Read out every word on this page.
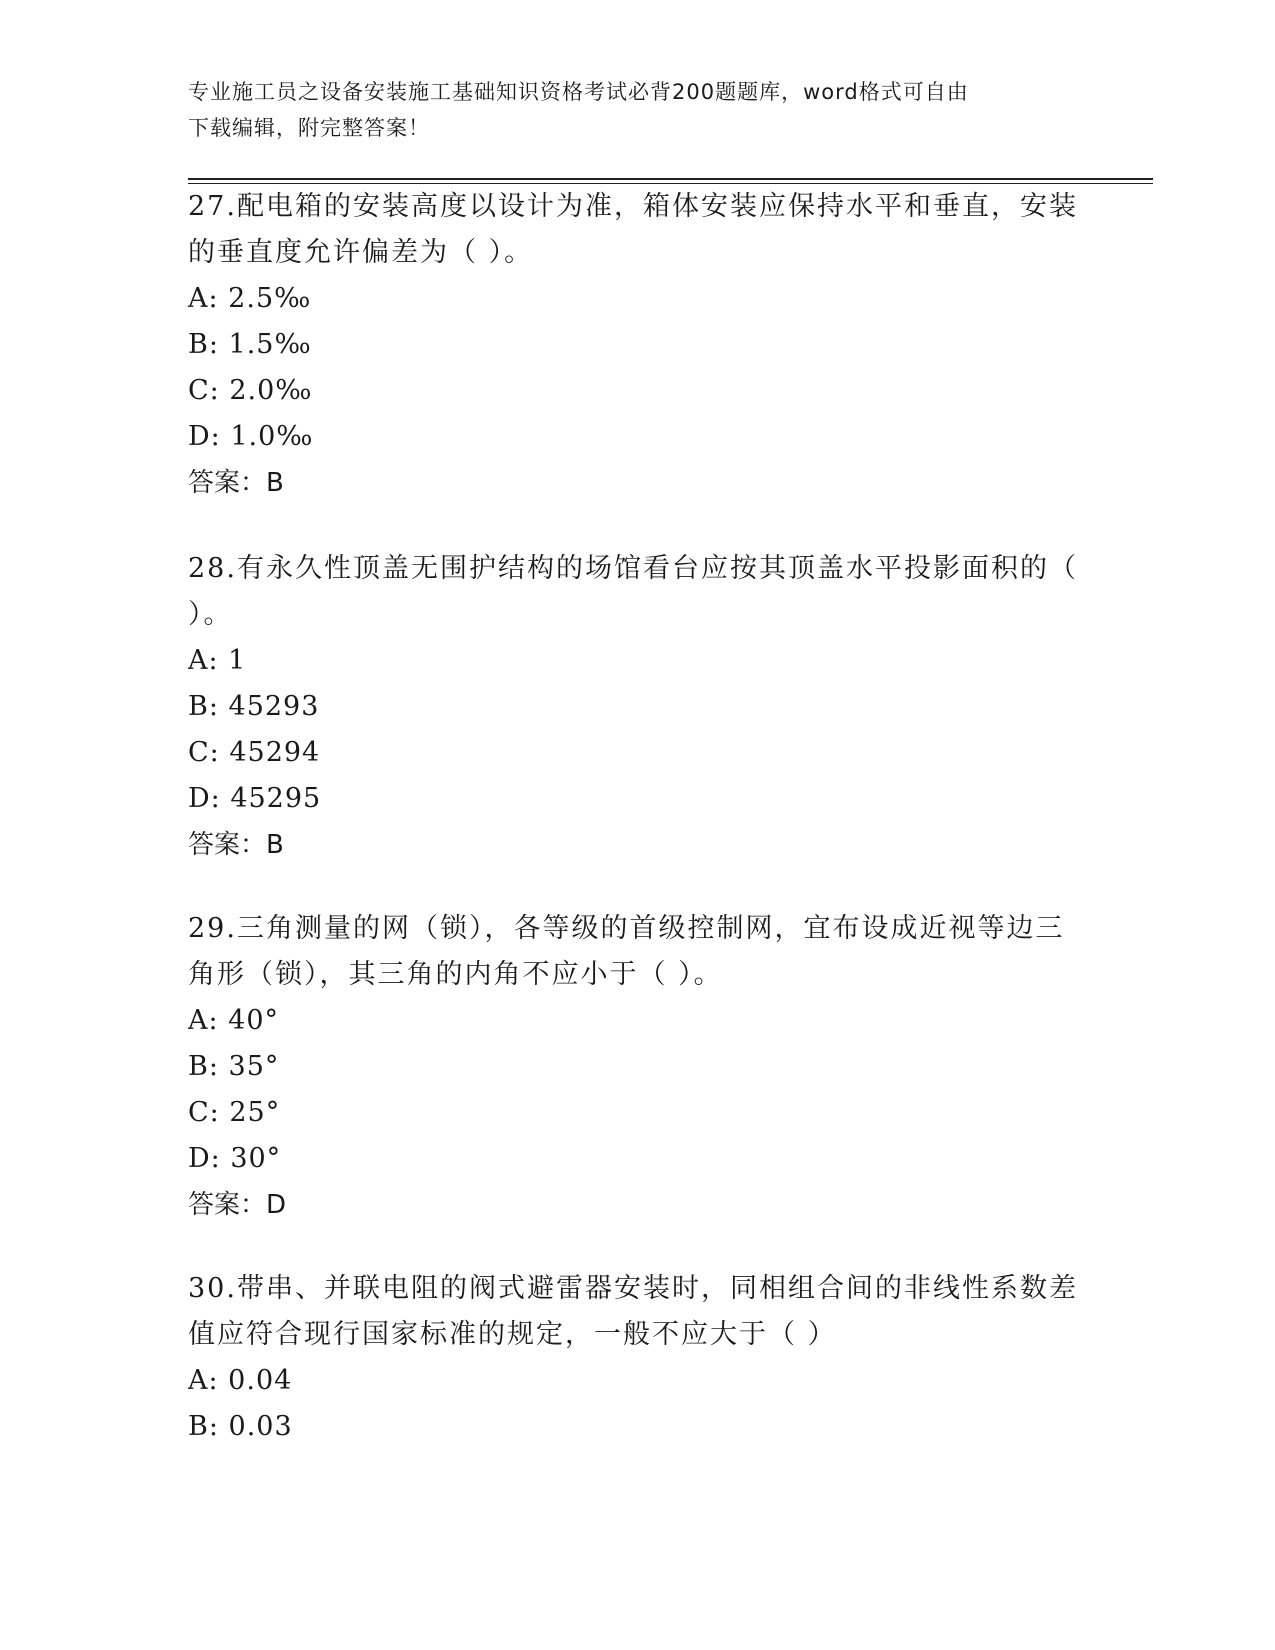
专业施工员之设备安装施工基础知识资格考试必背200题题库，word格式可自由
下载编辑，附完整答案！

27.配电箱的安装高度以设计为准，箱体安装应保持水平和垂直，安装

的垂直度允许偏差为（ ）。

A: 2.5‰

B: 1.5‰

C: 2.0‰

D: 1.0‰

答案：B

28.有永久性顶盖无围护结构的场馆看台应按其顶盖水平投影面积的（

）。

A: 1

B: 45293

C: 45294

D: 45295

答案：B

29.三角测量的网（锁），各等级的首级控制网，宜布设成近视等边三

角形（锁），其三角的内角不应小于（ ）。

A: 40°

B: 35°

C: 25°

D: 30°

答案：D

30.带串、并联电阻的阀式避雷器安装时，同相组合间的非线性系数差

值应符合现行国家标准的规定，一般不应大于（ ）

A: 0.04

B: 0.03
